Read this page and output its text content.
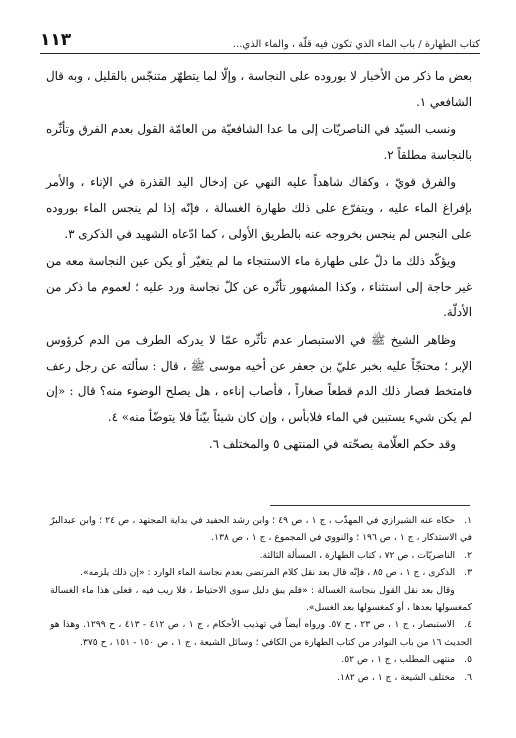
كتاب الطهارة / باب الماء الذي تكون فيه قلّة ، والماء الذي...
١١٣

بعض ما ذكر من الأخبار لا بوروده على النجاسة ، وإلّا لما يتطهّر متنجّس بالقليل ، وبه قال الشافعي ١.

ونسب السيّد في الناصريّات إلى ما عدا الشافعيّة من العامّة القول بعدم الفرق وتأثّره بالنجاسة مطلقاً ٢.

والفرق قويّ ، وكفاك شاهداً عليه النهي عن إدخال اليد القذرة في الإناء ، والأمر بإفراغ الماء عليه ، ويتفرّع على ذلك طهارة الغسالة ، فإنّه إذا لم ينجس الماء بوروده على النجس لم ينجس بخروجه عنه بالطريق الأولى ، كما ادّعاه الشهيد في الذكرى ٣.

ويؤكّد ذلك ما دلّ على طهارة ماء الاستنجاء ما لم يتغيّر أو يكن عين النجاسة معه من غير حاجة إلى استثناء ، وكذا المشهور تأثّره عن كلّ نجاسة ورد عليه ؛ لعموم ما ذكر من الأدلّة.

وظاهر الشيخ ﷺ في الاستبصار عدم تأثّره عمّا لا يدركه الطرف من الدم كرؤوس الإبر ؛ محتجّاً عليه بخبر عليّ بن جعفر عن أخيه موسى ﷺ ، قال : سألته عن رجل رعف فامتخط فصار ذلك الدم قطعاً صغاراً ، فأصاب إناءه ، هل يصلح الوضوء منه؟ قال : «إن لم يكن شيء يستبين في الماء فلابأس ، وإن كان شيئاً بيّناً فلا يتوضّأ منه» ٤.

وقد حكم العلّامة بصحّته في المنتهى ٥ والمختلف ٦.

١. حكاه عنه الشيرازي في المهذّب ، ج ١ ، ص ٤٩ ؛ وابن رشد الحفيد في بداية المجتهد ، ص ٢٤ ؛ وابن عبدالبرّ في الاستذكار ، ج ١ ، ص ١٩٦ ؛ والنووي في المجموع ، ج ١ ، ص ١٣٨.

٢. الناصريّات ، ص ٧٢ ، كتاب الطهارة ، المسألة الثالثة.

٣. الذكرى ، ج ١ ، ص ٨٥ ، فإنّه قال بعد نقل كلام المرتضى بعدم نجاسة الماء الوارد : «إن ذلك يلزمه».

وقال بعد نقل القول بنجاسة الغسالة : «فلم يبق دليل سوى الاحتياط ، فلا ريب فيه ، فعلى هذا ماء الغسالة كمغسولها بعدها ، أو كمغسولها بعد الغسل».

٤. الاستبصار ، ج ١ ، ص ٢٣ ، ح ٥٧. ورواه أيضاً في تهذيب الأحكام ، ج ١ ، ص ٤١٢ - ٤١٣ ، ح ١٢٩٩. وهذا هو الحديث ١٦ من باب النوادر من كتاب الطهارة من الكافي ؛ وسائل الشيعة ، ج ١ ، ص ١٥٠ - ١٥١ ، ح ٣٧٥.

٥. منتهى المطلب ، ج ١ ، ص ٥٢.

٦. مختلف الشيعة ، ج ١ ، ص ١٨٢.
